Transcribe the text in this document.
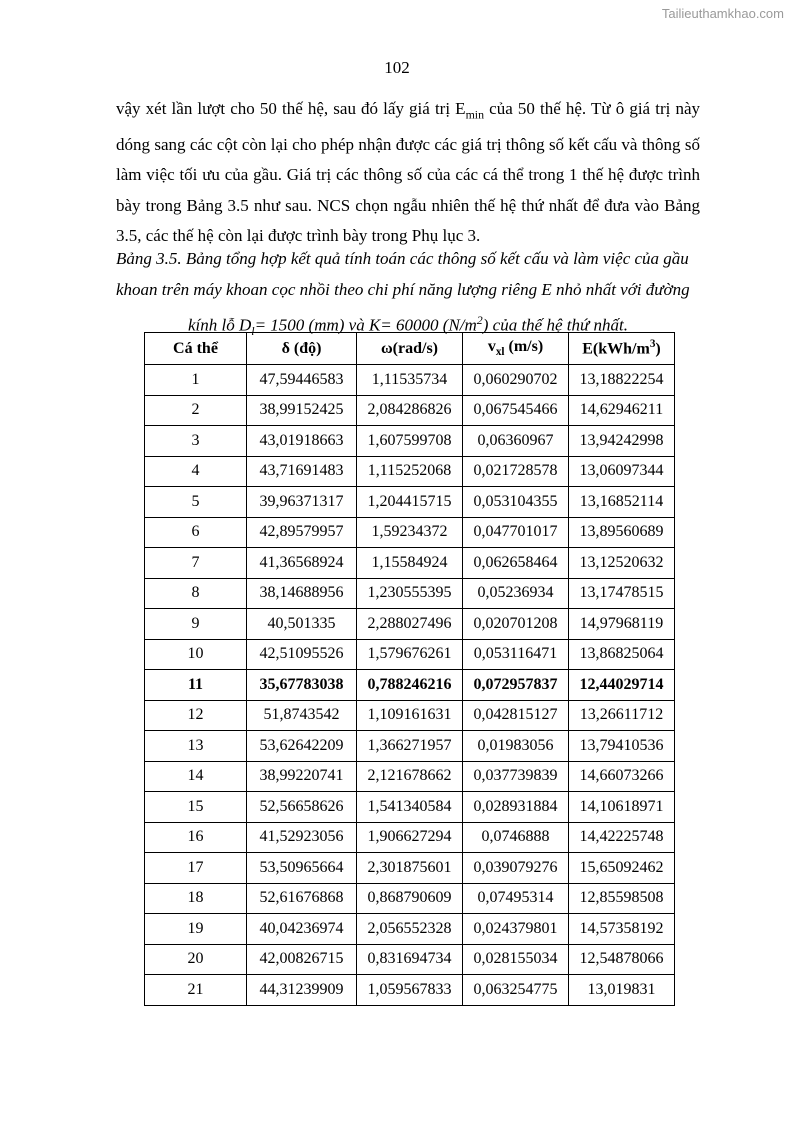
Tailieuthamkhao.com
102

vậy xét lần lượt cho 50 thế hệ, sau đó lấy giá trị $E_{min}$ của 50 thế hệ. Từ ô giá trị này dóng sang các cột còn lại cho phép nhận được các giá trị thông số kết cấu và thông số làm việc tối ưu của gầu. Giá trị các thông số của các cá thể trong 1 thế hệ được trình bày trong Bảng 3.5 như sau. NCS chọn ngẫu nhiên thế hệ thứ nhất để đưa vào Bảng 3.5, các thế hệ còn lại được trình bày trong Phụ lục 3.

Bảng 3.5. Bảng tổng hợp kết quả tính toán các thông số kết cấu và làm việc của gầu

khoan trên máy khoan cọc nhồi theo chi phí năng lượng riêng E nhỏ nhất với đường

kính lỗ $D_l= 1500$ (mm) và K= 60000 $(N/m^2)$ của thế hệ thứ nhất.

Cá thể	δ (độ)	ω(rad/s)	$v_{xl}$ (m/s)	$E(kWh/m^3)$
1	47,59446583	1,11535734	0,060290702	13,18822254
2	38,99152425	2,084286826	0,067545466	14,62946211
3	43,01918663	1,607599708	0,06360967	13,94242998
4	43,71691483	1,115252068	0,021728578	13,06097344
5	39,96371317	1,204415715	0,053104355	13,16852114
6	42,89579957	1,59234372	0,047701017	13,89560689
7	41,36568924	1,15584924	0,062658464	13,12520632
8	38,14688956	1,230555395	0,05236934	13,17478515
9	40,501335	2,288027496	0,020701208	14,97968119
10	42,51095526	1,579676261	0,053116471	13,86825064
11	35,67783038	0,788246216	0,072957837	12,44029714
12	51,8743542	1,109161631	0,042815127	13,26611712
13	53,62642209	1,366271957	0,01983056	13,79410536
14	38,99220741	2,121678662	0,037739839	14,66073266
15	52,56658626	1,541340584	0,028931884	14,10618971
16	41,52923056	1,906627294	0,0746888	14,42225748
17	53,50965664	2,301875601	0,039079276	15,65092462
18	52,61676868	0,868790609	0,07495314	12,85598508
19	40,04236974	2,056552328	0,024379801	14,57358192
20	42,00826715	0,831694734	0,028155034	12,54878066
21	44,31239909	1,059567833	0,063254775	13,019831
